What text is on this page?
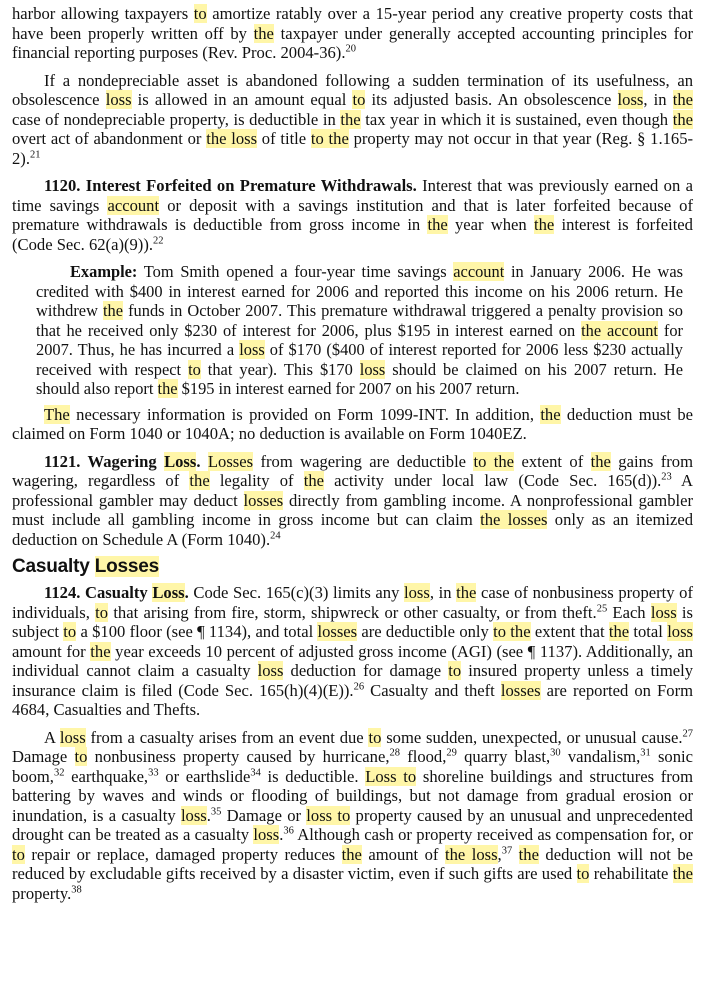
harbor allowing taxpayers to amortize ratably over a 15-year period any creative property costs that have been properly written off by the taxpayer under generally accepted accounting principles for financial reporting purposes (Rev. Proc. 2004-36).$^{20}$

If a nondepreciable asset is abandoned following a sudden termination of its usefulness, an obsolescence loss is allowed in an amount equal to its adjusted basis. An obsolescence loss, in the case of nondepreciable property, is deductible in the tax year in which it is sustained, even though the overt act of abandonment or the loss of title to the property may not occur in that year (Reg. § 1.165-2).$^{21}$

1120. Interest Forfeited on Premature Withdrawals. Interest that was previously earned on a time savings account or deposit with a savings institution and that is later forfeited because of premature withdrawals is deductible from gross income in the year when the interest is forfeited (Code Sec. 62(a)(9)).$^{22}$

Example: Tom Smith opened a four-year time savings account in January 2006. He was credited with $400 in interest earned for 2006 and reported this income on his 2006 return. He withdrew the funds in October 2007. This premature withdrawal triggered a penalty provision so that he received only $230 of interest for 2006, plus $195 in interest earned on the account for 2007. Thus, he has incurred a loss of $170 ($400 of interest reported for 2006 less $230 actually received with respect to that year). This $170 loss should be claimed on his 2007 return. He should also report the $195 in interest earned for 2007 on his 2007 return.

The necessary information is provided on Form 1099-INT. In addition, the deduction must be claimed on Form 1040 or 1040A; no deduction is available on Form 1040EZ.

1121. Wagering Loss. Losses from wagering are deductible to the extent of the gains from wagering, regardless of the legality of the activity under local law (Code Sec. 165(d)).$^{23}$ A professional gambler may deduct losses directly from gambling income. A nonprofessional gambler must include all gambling income in gross income but can claim the losses only as an itemized deduction on Schedule A (Form 1040).$^{24}$

Casualty Losses

1124. Casualty Loss. Code Sec. 165(c)(3) limits any loss, in the case of nonbusiness property of individuals, to that arising from fire, storm, shipwreck or other casualty, or from theft.$^{25}$ Each loss is subject to a $100 floor (see ¶ 1134), and total losses are deductible only to the extent that the total loss amount for the year exceeds 10 percent of adjusted gross income (AGI) (see ¶ 1137). Additionally, an individual cannot claim a casualty loss deduction for damage to insured property unless a timely insurance claim is filed (Code Sec. 165(h)(4)(E)).$^{26}$ Casualty and theft losses are reported on Form 4684, Casualties and Thefts.

A loss from a casualty arises from an event due to some sudden, unexpected, or unusual cause.$^{27}$ Damage to nonbusiness property caused by hurricane,$^{28}$ flood,$^{29}$ quarry blast,$^{30}$ vandalism,$^{31}$ sonic boom,$^{32}$ earthquake,$^{33}$ or earthslide$^{34}$ is deductible. Loss to shoreline buildings and structures from battering by waves and winds or flooding of buildings, but not damage from gradual erosion or inundation, is a casualty loss.$^{35}$ Damage or loss to property caused by an unusual and unprecedented drought can be treated as a casualty loss.$^{36}$ Although cash or property received as compensation for, or to repair or replace, damaged property reduces the amount of the loss,$^{37}$ the deduction will not be reduced by excludable gifts received by a disaster victim, even if such gifts are used to rehabilitate the property.$^{38}$
